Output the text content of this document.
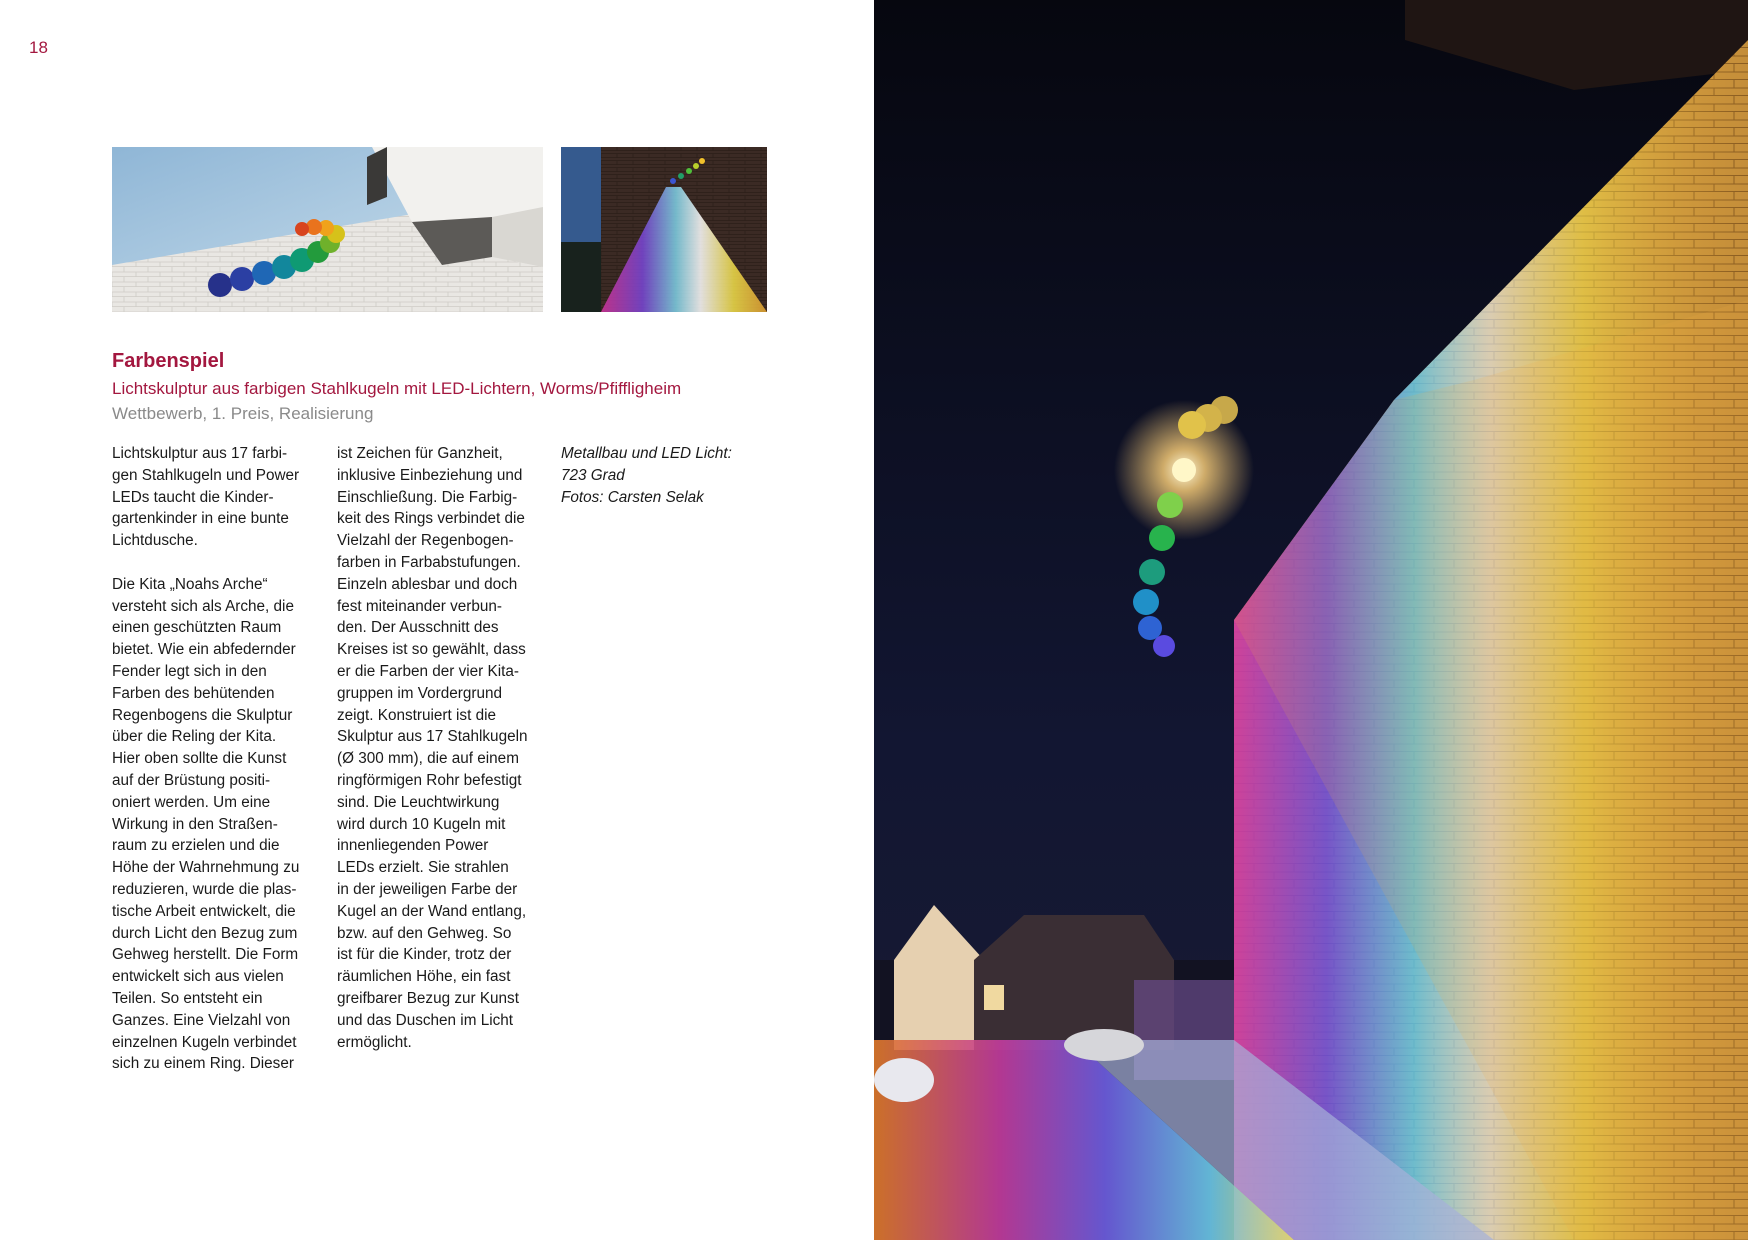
18
Farbenspiel
Lichtskulptur aus farbigen Stahlkugeln mit LED-Lichtern, Worms/Pfiffligheim
Wettbewerb, 1. Preis, Realisierung
Lichtskulptur aus 17 farbi-
gen Stahlkugeln und Power
LEDs taucht die Kinder-
gartenkinder in eine bunte
Lichtdusche.
Die Kita „Noahs Arche“
versteht sich als Arche, die
einen geschützten Raum
bietet. Wie ein abfedernder
Fender legt sich in den
Farben des behütenden
Regenbogens die Skulptur
über die Reling der Kita.
Hier oben sollte die Kunst
auf der Brüstung positi-
oniert werden. Um eine
Wirkung in den Straßen-
raum zu erzielen und die
Höhe der Wahrnehmung zu
reduzieren, wurde die plas-
tische Arbeit entwickelt, die
durch Licht den Bezug zum
Gehweg herstellt. Die Form
entwickelt sich aus vielen
Teilen. So entsteht ein
Ganzes. Eine Vielzahl von
einzelnen Kugeln verbindet
sich zu einem Ring. Dieser
ist Zeichen für Ganzheit,
inklusive Einbeziehung und
Einschließung. Die Farbig-
keit des Rings verbindet die
Vielzahl der Regenbogen-
farben in Farbabstufungen.
Einzeln ablesbar und doch
fest miteinander verbun-
den. Der Ausschnitt des
Kreises ist so gewählt, dass
er die Farben der vier Kita-
gruppen im Vordergrund
zeigt. Konstruiert ist die
Skulptur aus 17 Stahlkugeln
(Ø 300 mm), die auf einem
ringförmigen Rohr befestigt
sind. Die Leuchtwirkung
wird durch 10 Kugeln mit
innenliegenden Power
LEDs erzielt. Sie strahlen
in der jeweiligen Farbe der
Kugel an der Wand entlang,
bzw. auf den Gehweg. So
ist für die Kinder, trotz der
räumlichen Höhe, ein fast
greifbarer Bezug zur Kunst
und das Duschen im Licht
ermöglicht.
Metallbau und LED Licht:
723 Grad
Fotos: Carsten Selak
